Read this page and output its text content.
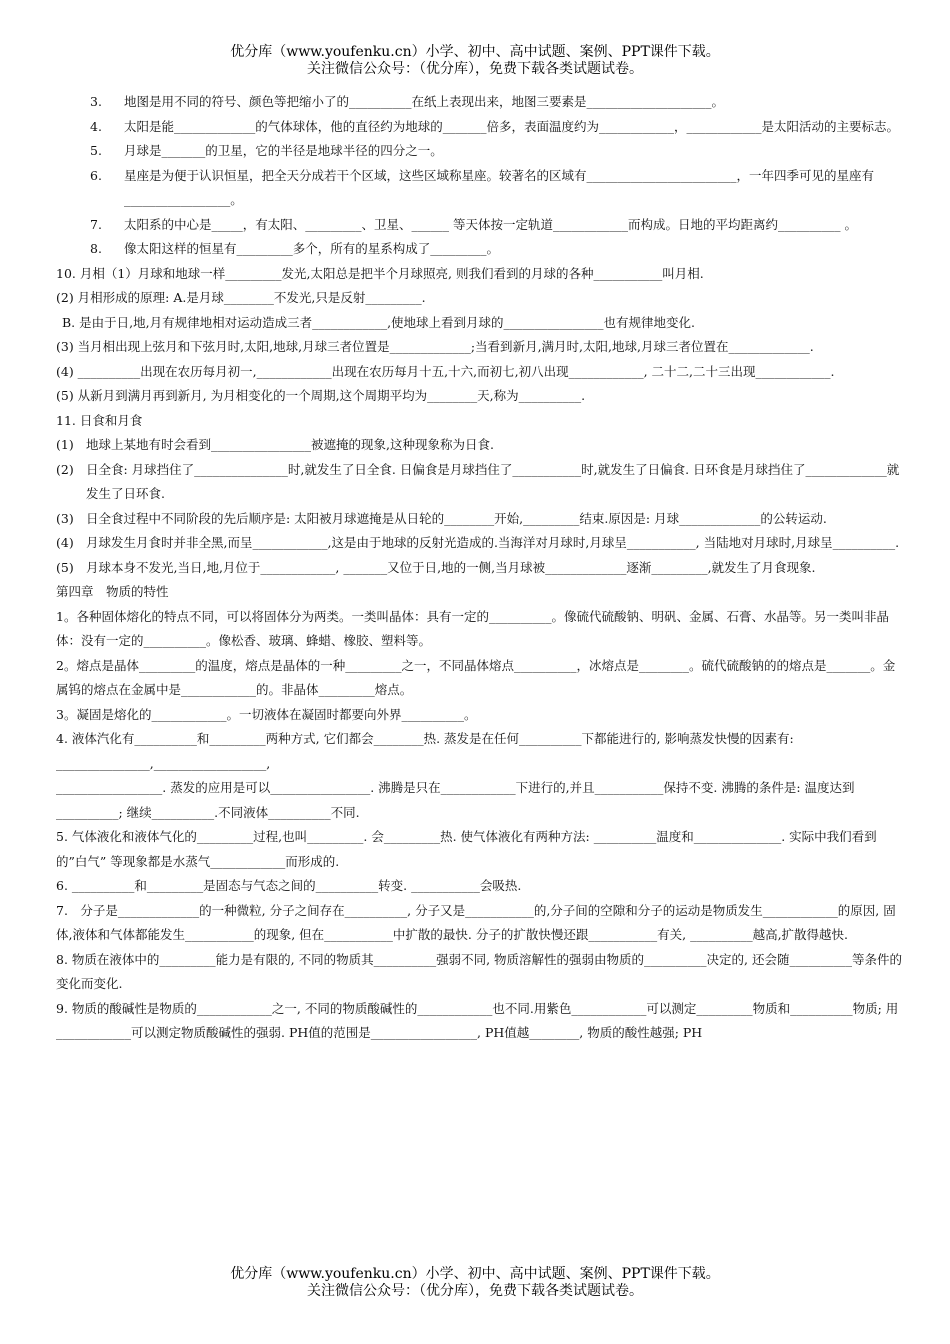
优分库（www.youfenku.cn）小学、初中、高中试题、案例、PPT课件下载。
关注微信公众号：（优分库），免费下载各类试题试卷。
3.	地图是用不同的符号、颜色等把缩小了的__________在纸上表现出来，地图三要素是____________________。
4.	太阳是能_____________的气体球体，他的直径约为地球的_______倍多，表面温度约为____________，____________是太阳活动的主要标志。
5.	月球是_______的卫星，它的半径是地球半径的四分之一。
6.	星座是为便于认识恒星，把全天分成若干个区域，这些区域称星座。较著名的区域有________________________，一年四季可见的星座有_________________。
7.	太阳系的中心是_____，有太阳、_________、卫星、______ 等天体按一定轨道____________而构成。日地的平均距离约__________ 。
8.	像太阳这样的恒星有_________多个，所有的星系构成了_________。
10. 月相（1）月球和地球一样_________发光,太阳总是把半个月球照亮, 则我们看到的月球的各种___________叫月相.
(2) 月相形成的原理: A.是月球________不发光,只是反射_________.
B. 是由于日,地,月有规律地相对运动造成三者____________,使地球上看到月球的________________也有规律地变化.
(3) 当月相出现上弦月和下弦月时,太阳,地球,月球三者位置是_____________;当看到新月,满月时,太阳,地球,月球三者位置在_____________.
(4) __________出现在农历每月初一,____________出现在农历每月十五,十六,而初七,初八出现____________, 二十二,二十三出现____________.
(5) 从新月到满月再到新月, 为月相变化的一个周期,这个周期平均为________天,称为__________.
11. 日食和月食
(1) 地球上某地有时会看到________________被遮掩的现象,这种现象称为日食.
(2) 日全食: 月球挡住了_______________时,就发生了日全食. 日偏食是月球挡住了___________时,就发生了日偏食. 日环食是月球挡住了_____________就发生了日环食.
(3) 日全食过程中不同阶段的先后顺序是: 太阳被月球遮掩是从日轮的________开始,_________结束.原因是: 月球_____________的公转运动.
(4) 月球发生月食时并非全黑,而呈____________,这是由于地球的反射光造成的.当海洋对月球时,月球呈___________, 当陆地对月球时,月球呈__________.
(5) 月球本身不发光,当日,地,月位于____________, _______又位于日,地的一侧,当月球被_____________逐渐_________,就发生了月食现象.
第四章　物质的特性
1。各种固体熔化的特点不同，可以将固体分为两类。一类叫晶体：具有一定的__________。像硫代硫酸钠、明矾、金属、石膏、水晶等。另一类叫非晶体：没有一定的__________。像松香、玻璃、蜂蜡、橡胶、塑料等。
2。熔点是晶体_________的温度，熔点是晶体的一种_________之一，不同晶体熔点__________，冰熔点是________。硫代硫酸钠的的熔点是_______。金属钨的熔点在金属中是____________的。非晶体_________熔点。
3。凝固是熔化的____________。一切液体在凝固时都要向外界__________。
4. 液体汽化有__________和_________两种方式, 它们都会________热. 蒸发是在任何__________下都能进行的, 影响蒸发快慢的因素有: _______________,__________________,
_________________. 蒸发的应用是可以________________. 沸腾是只在____________下进行的,并且___________保持不变. 沸腾的条件是: 温度达到__________; 继续__________.不同液体__________不同.
5. 气体液化和液体气化的_________过程,也叫_________. 会_________热. 使气体液化有两种方法: __________温度和______________. 实际中我们看到的”白气” 等现象都是水蒸气____________而形成的.
6. __________和_________是固态与气态之间的__________转变. ___________会吸热.
7.　分子是_____________的一种微粒, 分子之间存在__________, 分子又是___________的,分子间的空隙和分子的运动是物质发生____________的原因, 固体,液体和气体都能发生___________的现象, 但在___________中扩散的最快. 分子的扩散快慢还跟___________有关, __________越高,扩散得越快.
8. 物质在液体中的_________能力是有限的, 不同的物质其__________强弱不同, 物质溶解性的强弱由物质的__________决定的, 还会随__________等条件的变化而变化.
9. 物质的酸碱性是物质的____________之一, 不同的物质酸碱性的____________也不同.用紫色____________可以测定_________物质和__________物质; 用____________可以测定物质酸碱性的强弱. PH值的范围是_________________, PH值越________, 物质的酸性越强; PH
优分库（www.youfenku.cn）小学、初中、高中试题、案例、PPT课件下载。
关注微信公众号：（优分库），免费下载各类试题试卷。
